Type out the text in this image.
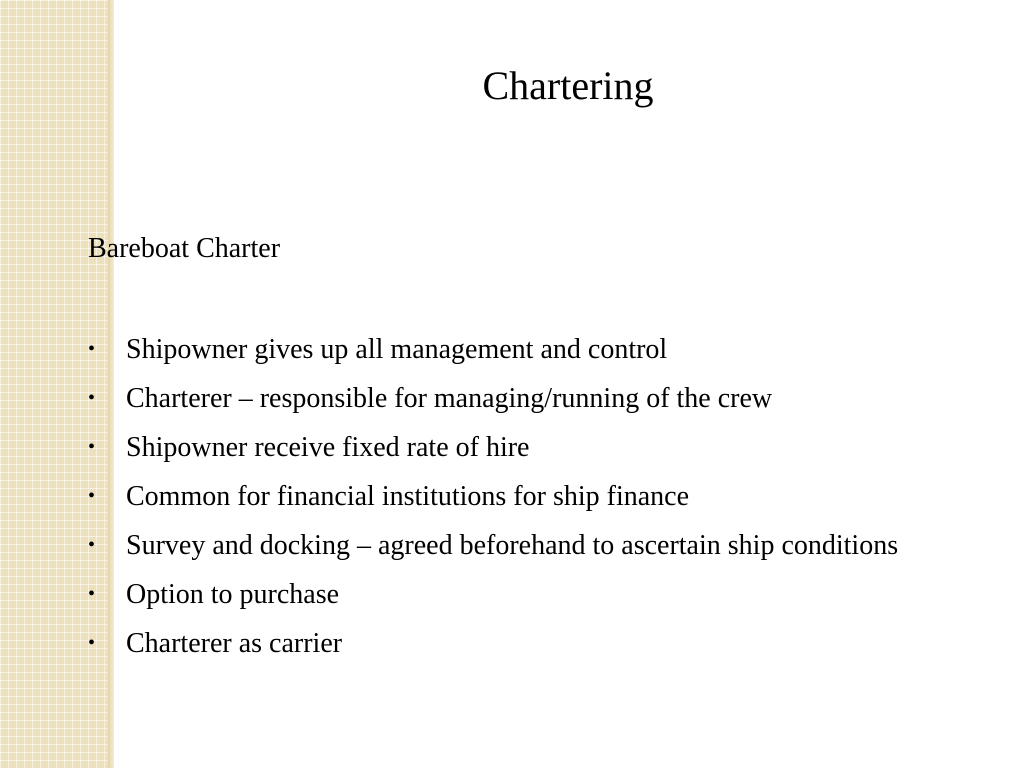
Chartering
Bareboat Charter
• Shipowner gives up all management and control
• Charterer – responsible for managing/running of the crew
• Shipowner receive fixed rate of hire
• Common for financial institutions for ship finance
• Survey and docking – agreed beforehand to ascertain ship conditions
• Option to purchase
• Charterer as carrier
